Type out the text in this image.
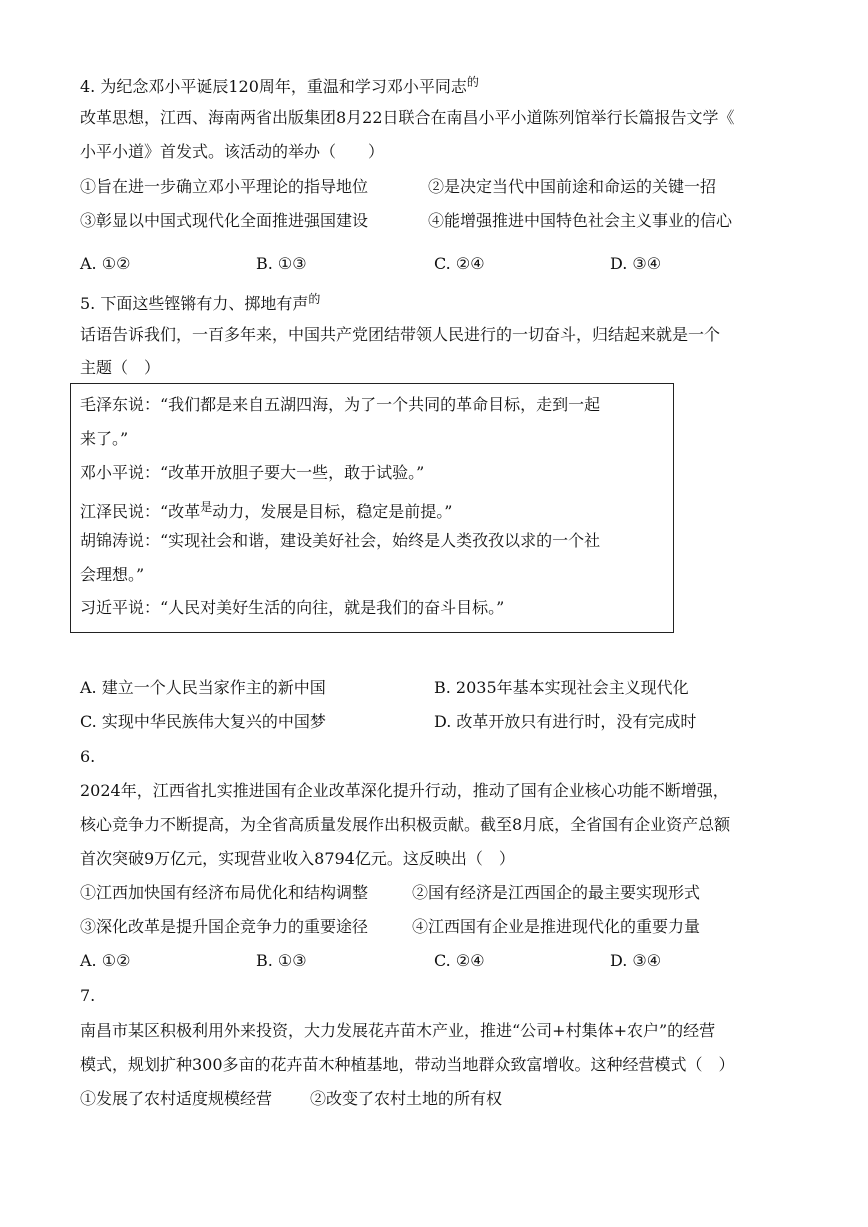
4. 为纪念邓小平诞辰120周年，重温和学习邓小平同志$^的$
改革思想，江西、海南两省出版集团8月22日联合在南昌小平小道陈列馆举行长篇报告文学《
小平小道》首发式。该活动的举办（　　）
①旨在进一步确立邓小平理论的指导地位	②是决定当代中国前途和命运的关键一招
③彰显以中国式现代化全面推进强国建设	④能增强推进中国特色社会主义事业的信心
A. ①②	B. ①③	C. ②④	D. ③④
5. 下面这些铿锵有力、掷地有声$^的$
话语告诉我们，一百多年来，中国共产党团结带领人民进行的一切奋斗，归结起来就是一个
主题（　）
毛泽东说：“我们都是来自五湖四海，为了一个共同的革命目标，走到一起
来了。”
邓小平说：“改革开放胆子要大一些，敢于试验。”
江泽民说：“改革$^是$动力，发展是目标，稳定是前提。”
胡锦涛说：“实现社会和谐，建设美好社会，始终是人类孜孜以求的一个社
会理想。”
习近平说：“人民对美好生活的向往，就是我们的奋斗目标。”
A. 建立一个人民当家作主的新中国	B. 2035年基本实现社会主义现代化
C. 实现中华民族伟大复兴的中国梦	D. 改革开放只有进行时，没有完成时
6.
2024年，江西省扎实推进国有企业改革深化提升行动，推动了国有企业核心功能不断增强，
核心竞争力不断提高，为全省高质量发展作出积极贡献。截至8月底，全省国有企业资产总额
首次突破9万亿元，实现营业收入8794亿元。这反映出（　）
①江西加快国有经济布局优化和结构调整	②国有经济是江西国企的最主要实现形式
③深化改革是提升国企竞争力的重要途径	④江西国有企业是推进现代化的重要力量
A. ①②	B. ①③	C. ②④	D. ③④
7.
南昌市某区积极利用外来投资，大力发展花卉苗木产业，推进“公司+村集体+农户”的经营
模式，规划扩种300多亩的花卉苗木种植基地，带动当地群众致富增收。这种经营模式（　）
①发展了农村适度规模经营 ②改变了农村土地的所有权
